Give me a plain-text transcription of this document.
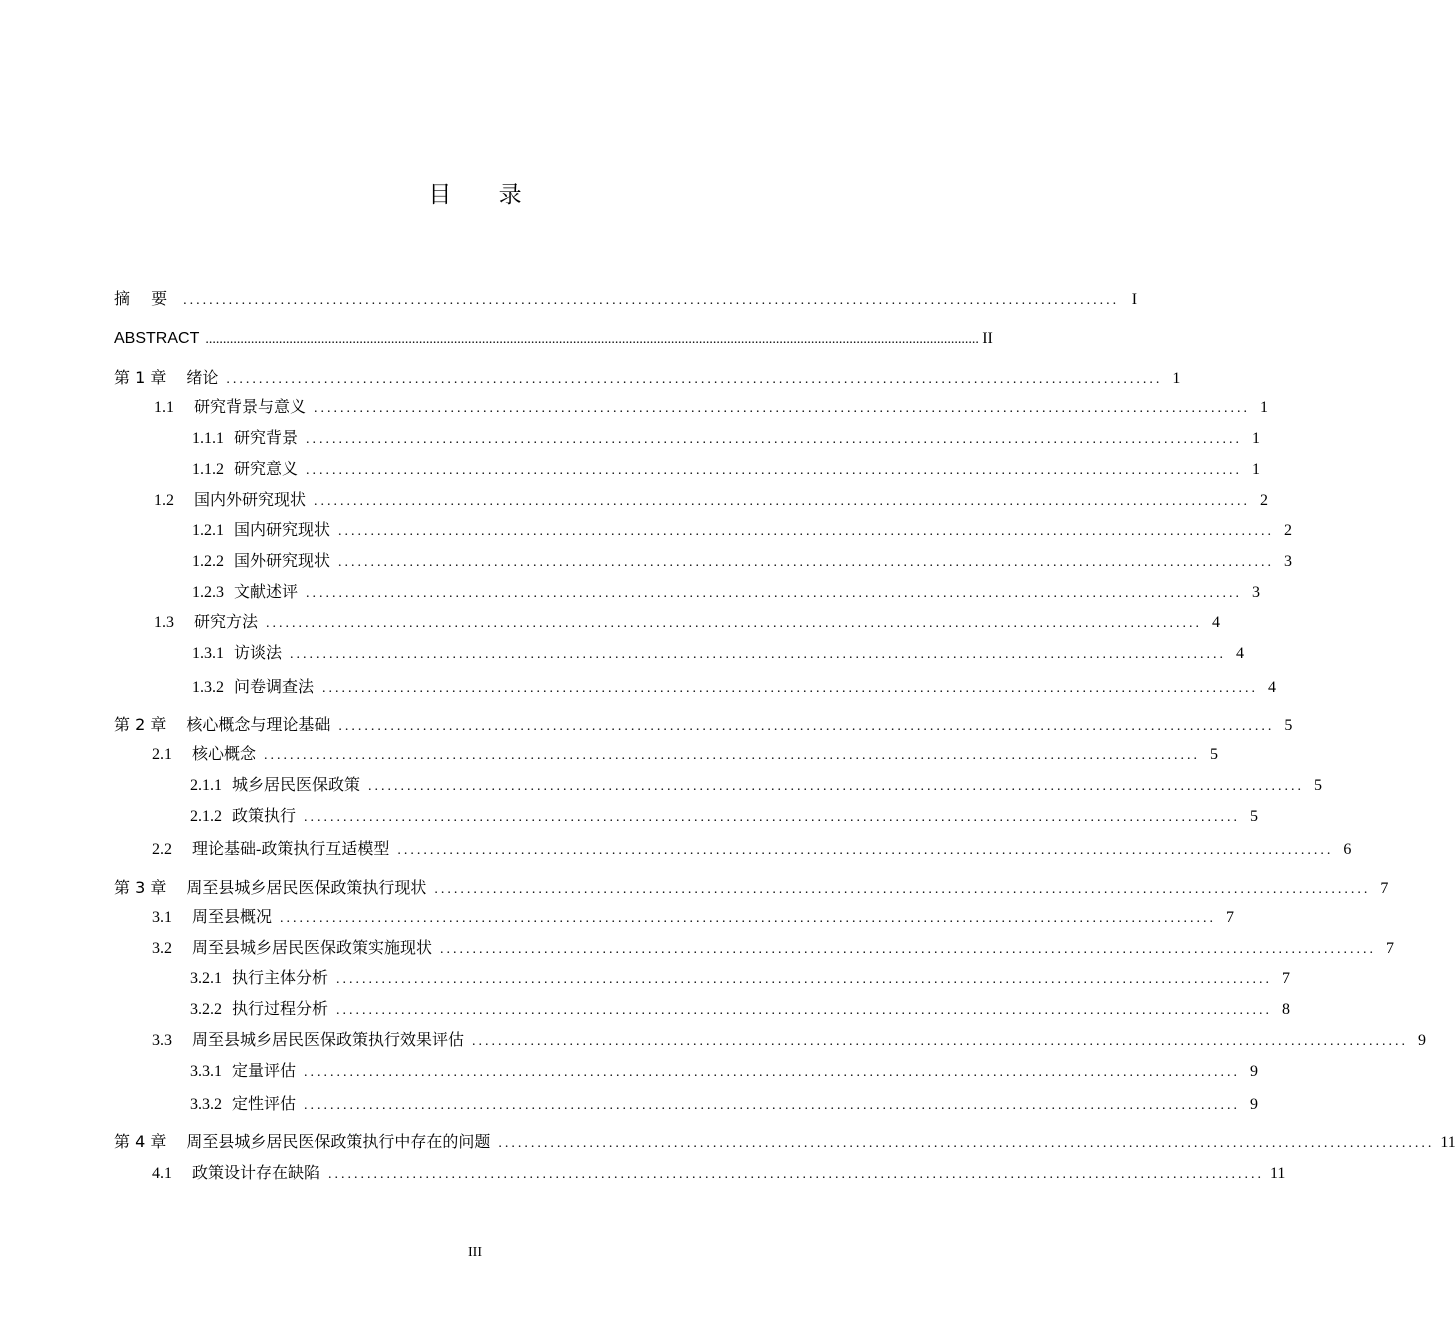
目 录
摘 要 ................................................................................................................................................ I
ABSTRACT ............................................................................................................................................................................................................................. II
第 1 章 绪论 ................................................................................................................................................ 1
1.1 研究背景与意义 ................................................................................................................................................ 1
1.1.1 研究背景 ................................................................................................................................................ 1
1.1.2 研究意义 ................................................................................................................................................ 1
1.2 国内外研究现状 ................................................................................................................................................ 2
1.2.1 国内研究现状 ................................................................................................................................................ 2
1.2.2 国外研究现状 ................................................................................................................................................ 3
1.2.3 文献述评 ................................................................................................................................................ 3
1.3 研究方法 ................................................................................................................................................ 4
1.3.1 访谈法 ................................................................................................................................................ 4
1.3.2 问卷调查法 ................................................................................................................................................ 4
第 2 章 核心概念与理论基础 ................................................................................................................................................ 5
2.1 核心概念 ................................................................................................................................................ 5
2.1.1 城乡居民医保政策 ................................................................................................................................................ 5
2.1.2 政策执行 ................................................................................................................................................ 5
2.2 理论基础-政策执行互适模型 ................................................................................................................................................ 6
第 3 章 周至县城乡居民医保政策执行现状 ................................................................................................................................................ 7
3.1 周至县概况 ................................................................................................................................................ 7
3.2 周至县城乡居民医保政策实施现状 ................................................................................................................................................ 7
3.2.1 执行主体分析 ................................................................................................................................................ 7
3.2.2 执行过程分析 ................................................................................................................................................ 8
3.3 周至县城乡居民医保政策执行效果评估 ................................................................................................................................................ 9
3.3.1 定量评估 ................................................................................................................................................ 9
3.3.2 定性评估 ................................................................................................................................................ 9
第 4 章 周至县城乡居民医保政策执行中存在的问题 ................................................................................................................................................ 11
4.1 政策设计存在缺陷 ................................................................................................................................................ 11
III
